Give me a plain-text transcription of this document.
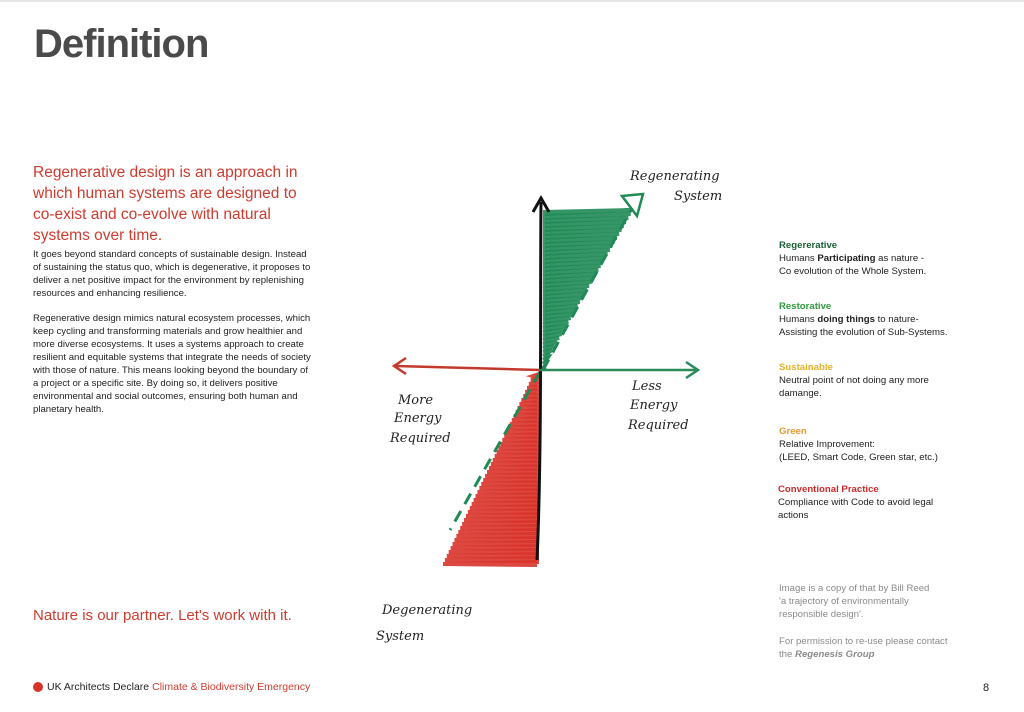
Definition

Regenerative design is an approach in which human systems are designed to co-exist and co-evolve with natural systems over time.

It goes beyond standard concepts of sustainable design. Instead of sustaining the status quo, which is degenerative, it proposes to deliver a net positive impact for the environment by replenishing resources and enhancing resilience.

Regenerative design mimics natural ecosystem processes, which keep cycling and transforming materials and grow healthier and more diverse ecosystems. It uses a systems approach to create resilient and equitable systems that integrate the needs of society with those of nature. This means looking beyond the boundary of a project or a specific site. By doing so, it delivers positive environmental and social outcomes, ensuring both human and planetary health.

Nature is our partner. Let's work with it.

Regenerating
System
More
Energy
Required
Less
Energy
Required
Degenerating
System
Regererative
Humans Participating as nature -
Co evolution of the Whole System.
Restorative
Humans doing things to nature-
Assisting the evolution of Sub-Systems.
Sustainable
Neutral point of not doing any more
damange.
Green
Relative Improvement:
(LEED, Smart Code, Green star, etc.)
Conventional Practice
Compliance with Code to avoid legal
actions

Image is a copy of that by Bill Reed
'a trajectory of environmentally
responsible design'.

For permission to re-use please contact
the Regenesis Group

UK Architects Declare Climate & Biodiversity Emergency	8
